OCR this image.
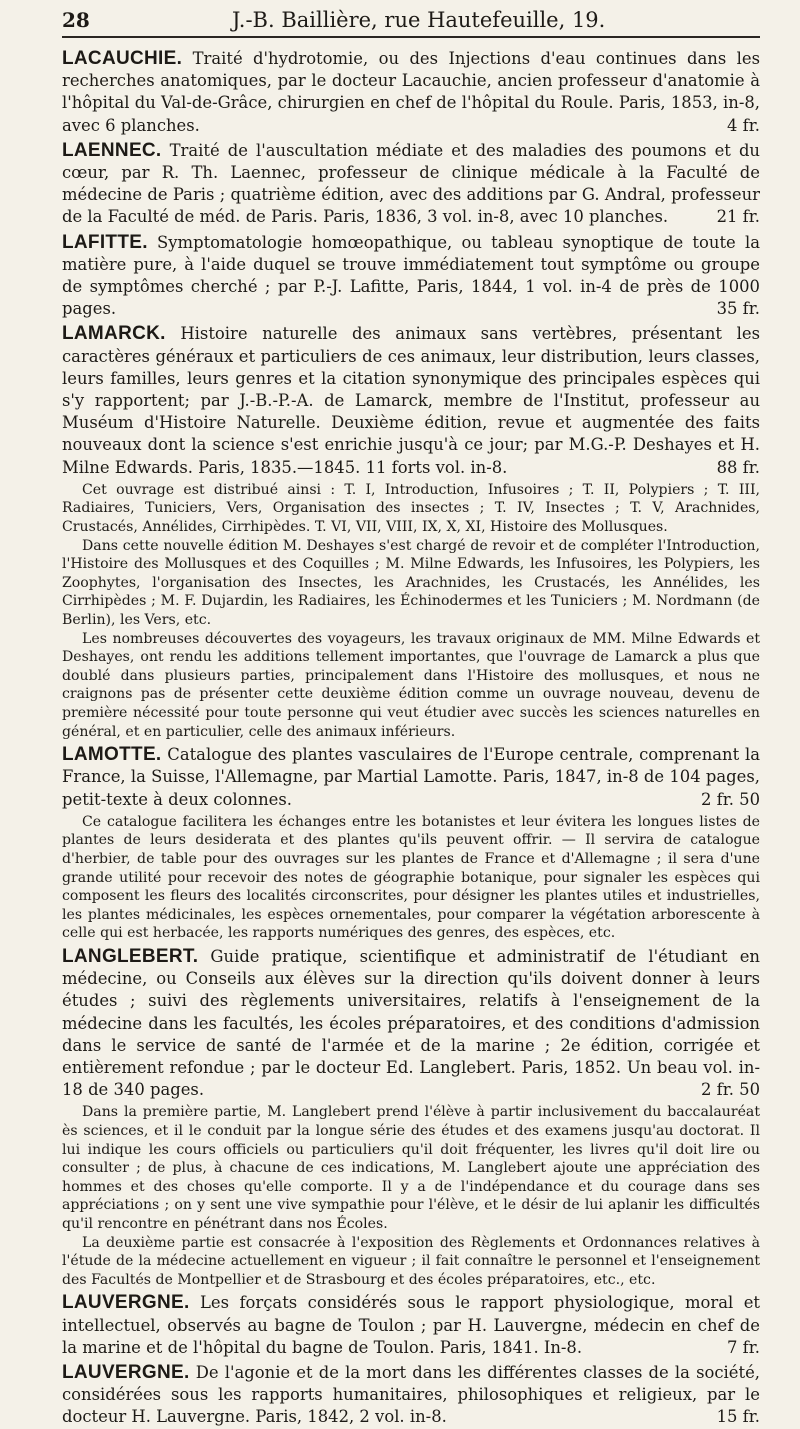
28	J.-B. Baillière, rue Hautefeuille, 19.

LACAUCHIE. Traité d'hydrotomie, ou des Injections d'eau continues dans les recherches anatomiques, par le docteur Lacauchie, ancien professeur d'anatomie à l'hôpital du Val-de-Grâce, chirurgien en chef de l'hôpital du Roule. Paris, 1853, in-8, avec 6 planches.	4 fr.

LAENNEC. Traité de l'auscultation médiate et des maladies des poumons et du cœur, par R. Th. Laennec, professeur de clinique médicale à la Faculté de médecine de Paris ; quatrième édition, avec des additions par G. Andral, professeur de la Faculté de méd. de Paris. Paris, 1836, 3 vol. in-8, avec 10 planches.	21 fr.

LAFITTE. Symptomatologie homœopathique, ou tableau synoptique de toute la matière pure, à l'aide duquel se trouve immédiatement tout symptôme ou groupe de symptômes cherché ; par P.-J. Lafitte, Paris, 1844, 1 vol. in-4 de près de 1000 pages.	35 fr.

LAMARCK. Histoire naturelle des animaux sans vertèbres, présentant les caractères généraux et particuliers de ces animaux, leur distribution, leurs classes, leurs familles, leurs genres et la citation synonymique des principales espèces qui s'y rapportent; par J.-B.-P.-A. de Lamarck, membre de l'Institut, professeur au Muséum d'Histoire Naturelle. Deuxième édition, revue et augmentée des faits nouveaux dont la science s'est enrichie jusqu'à ce jour; par M.G.-P. Deshayes et H. Milne Edwards. Paris, 1835.—1845. 11 forts vol. in-8.	88 fr.

Cet ouvrage est distribué ainsi : T. I, Introduction, Infusoires ; T. II, Polypiers ; T. III, Radiaires, Tuniciers, Vers, Organisation des insectes ; T. IV, Insectes ; T. V, Arachnides, Crustacés, Annélides, Cirrhipèdes. T. VI, VII, VIII, IX, X, XI, Histoire des Mollusques.

Dans cette nouvelle édition M. Deshayes s'est chargé de revoir et de compléter l'Introduction, l'Histoire des Mollusques et des Coquilles ; M. Milne Edwards, les Infusoires, les Polypiers, les Zoophytes, l'organisation des Insectes, les Arachnides, les Crustacés, les Annélides, les Cirrhipèdes ; M. F. Dujardin, les Radiaires, les Échinodermes et les Tuniciers ; M. Nordmann (de Berlin), les Vers, etc.

Les nombreuses découvertes des voyageurs, les travaux originaux de MM. Milne Edwards et Deshayes, ont rendu les additions tellement importantes, que l'ouvrage de Lamarck a plus que doublé dans plusieurs parties, principalement dans l'Histoire des mollusques, et nous ne craignons pas de présenter cette deuxième édition comme un ouvrage nouveau, devenu de première nécessité pour toute personne qui veut étudier avec succès les sciences naturelles en général, et en particulier, celle des animaux inférieurs.

LAMOTTE. Catalogue des plantes vasculaires de l'Europe centrale, comprenant la France, la Suisse, l'Allemagne, par Martial Lamotte. Paris, 1847, in-8 de 104 pages, petit-texte à deux colonnes.	2 fr. 50

Ce catalogue facilitera les échanges entre les botanistes et leur évitera les longues listes de plantes de leurs desiderata et des plantes qu'ils peuvent offrir. — Il servira de catalogue d'herbier, de table pour des ouvrages sur les plantes de France et d'Allemagne ; il sera d'une grande utilité pour recevoir des notes de géographie botanique, pour signaler les espèces qui composent les fleurs des localités circonscrites, pour désigner les plantes utiles et industrielles, les plantes médicinales, les espèces ornementales, pour comparer la végétation arborescente à celle qui est herbacée, les rapports numériques des genres, des espèces, etc.

LANGLEBERT. Guide pratique, scientifique et administratif de l'étudiant en médecine, ou Conseils aux élèves sur la direction qu'ils doivent donner à leurs études ; suivi des règlements universitaires, relatifs à l'enseignement de la médecine dans les facultés, les écoles préparatoires, et des conditions d'admission dans le service de santé de l'armée et de la marine ; 2e édition, corrigée et entièrement refondue ; par le docteur Ed. Langlebert. Paris, 1852. Un beau vol. in-18 de 340 pages.	2 fr. 50

Dans la première partie, M. Langlebert prend l'élève à partir inclusivement du baccalauréat ès sciences, et il le conduit par la longue série des études et des examens jusqu'au doctorat. Il lui indique les cours officiels ou particuliers qu'il doit fréquenter, les livres qu'il doit lire ou consulter ; de plus, à chacune de ces indications, M. Langlebert ajoute une appréciation des hommes et des choses qu'elle comporte. Il y a de l'indépendance et du courage dans ses appréciations ; on y sent une vive sympathie pour l'élève, et le désir de lui aplanir les difficultés qu'il rencontre en pénétrant dans nos Écoles.

La deuxième partie est consacrée à l'exposition des Règlements et Ordonnances relatives à l'étude de la médecine actuellement en vigueur ; il fait connaître le personnel et l'enseignement des Facultés de Montpellier et de Strasbourg et des écoles préparatoires, etc., etc.

LAUVERGNE. Les forçats considérés sous le rapport physiologique, moral et intellectuel, observés au bagne de Toulon ; par H. Lauvergne, médecin en chef de la marine et de l'hôpital du bagne de Toulon. Paris, 1841. In-8.	7 fr.

LAUVERGNE. De l'agonie et de la mort dans les différentes classes de la société, considérées sous les rapports humanitaires, philosophiques et religieux, par le docteur H. Lauvergne. Paris, 1842, 2 vol. in-8.	15 fr.
